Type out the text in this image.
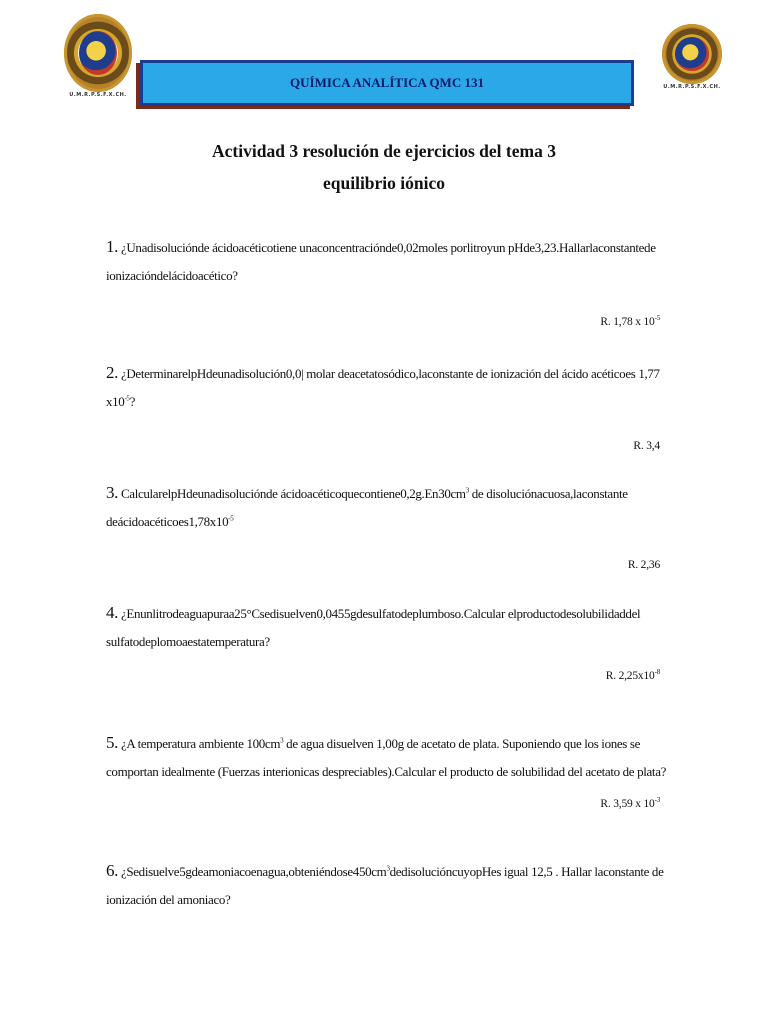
U.M.R.P.S.F.X.CH.
U.M.R.P.S.F.X.CH.
QUÍMICA ANALÍTICA QMC 131
Actividad 3 resolución de ejercicios del tema 3
equilibrio iónico
1. ¿Unadisoluciónde ácidoacéticotiene unaconcentraciónde0,02moles porlitroyun pHde3,23.Hallarlaconstantede
ionizacióndelácidoacético?
R. 1,78 x $10^{-5}$
2. ¿DeterminarelpHdeunadisolución0,0| molar deacetatosódico,laconstante de ionización del ácido acéticoes 1,77
$x10^{-5}$?
R. 3,4
3. CalcularelpHdeunadisoluciónde $ácidoacéticoquecontiene0,2g.En30cm^3$ de disoluciónacuosa,laconstante
$deácidoacéticoes1,78x10^{-5}$
R. 2,36
4. ¿Enunlitrodeaguapuraa25°Csedisuelven0,0455gdesulfatodeplumboso.Calcular elproductodesolubilidaddel
sulfatodeplomoaestatemperatura?
R. $2,25x10^{-8}$
5. ¿A temperatura ambiente $100cm^3$ de agua disuelven 1,00g de acetato de plata. Suponiendo que los iones se
comportan idealmente (Fuerzas interionicas despreciables).Calcular el producto de solubilidad del acetato de plata?
R. 3,59 x $10^{-3}$
6. ¿$Sedisuelve5gdeamoniacoenagua,obteniéndose450cm^3dedisolucióncuyopHes$ igual 12,5 . Hallar laconstante de
ionización del amoniaco?
